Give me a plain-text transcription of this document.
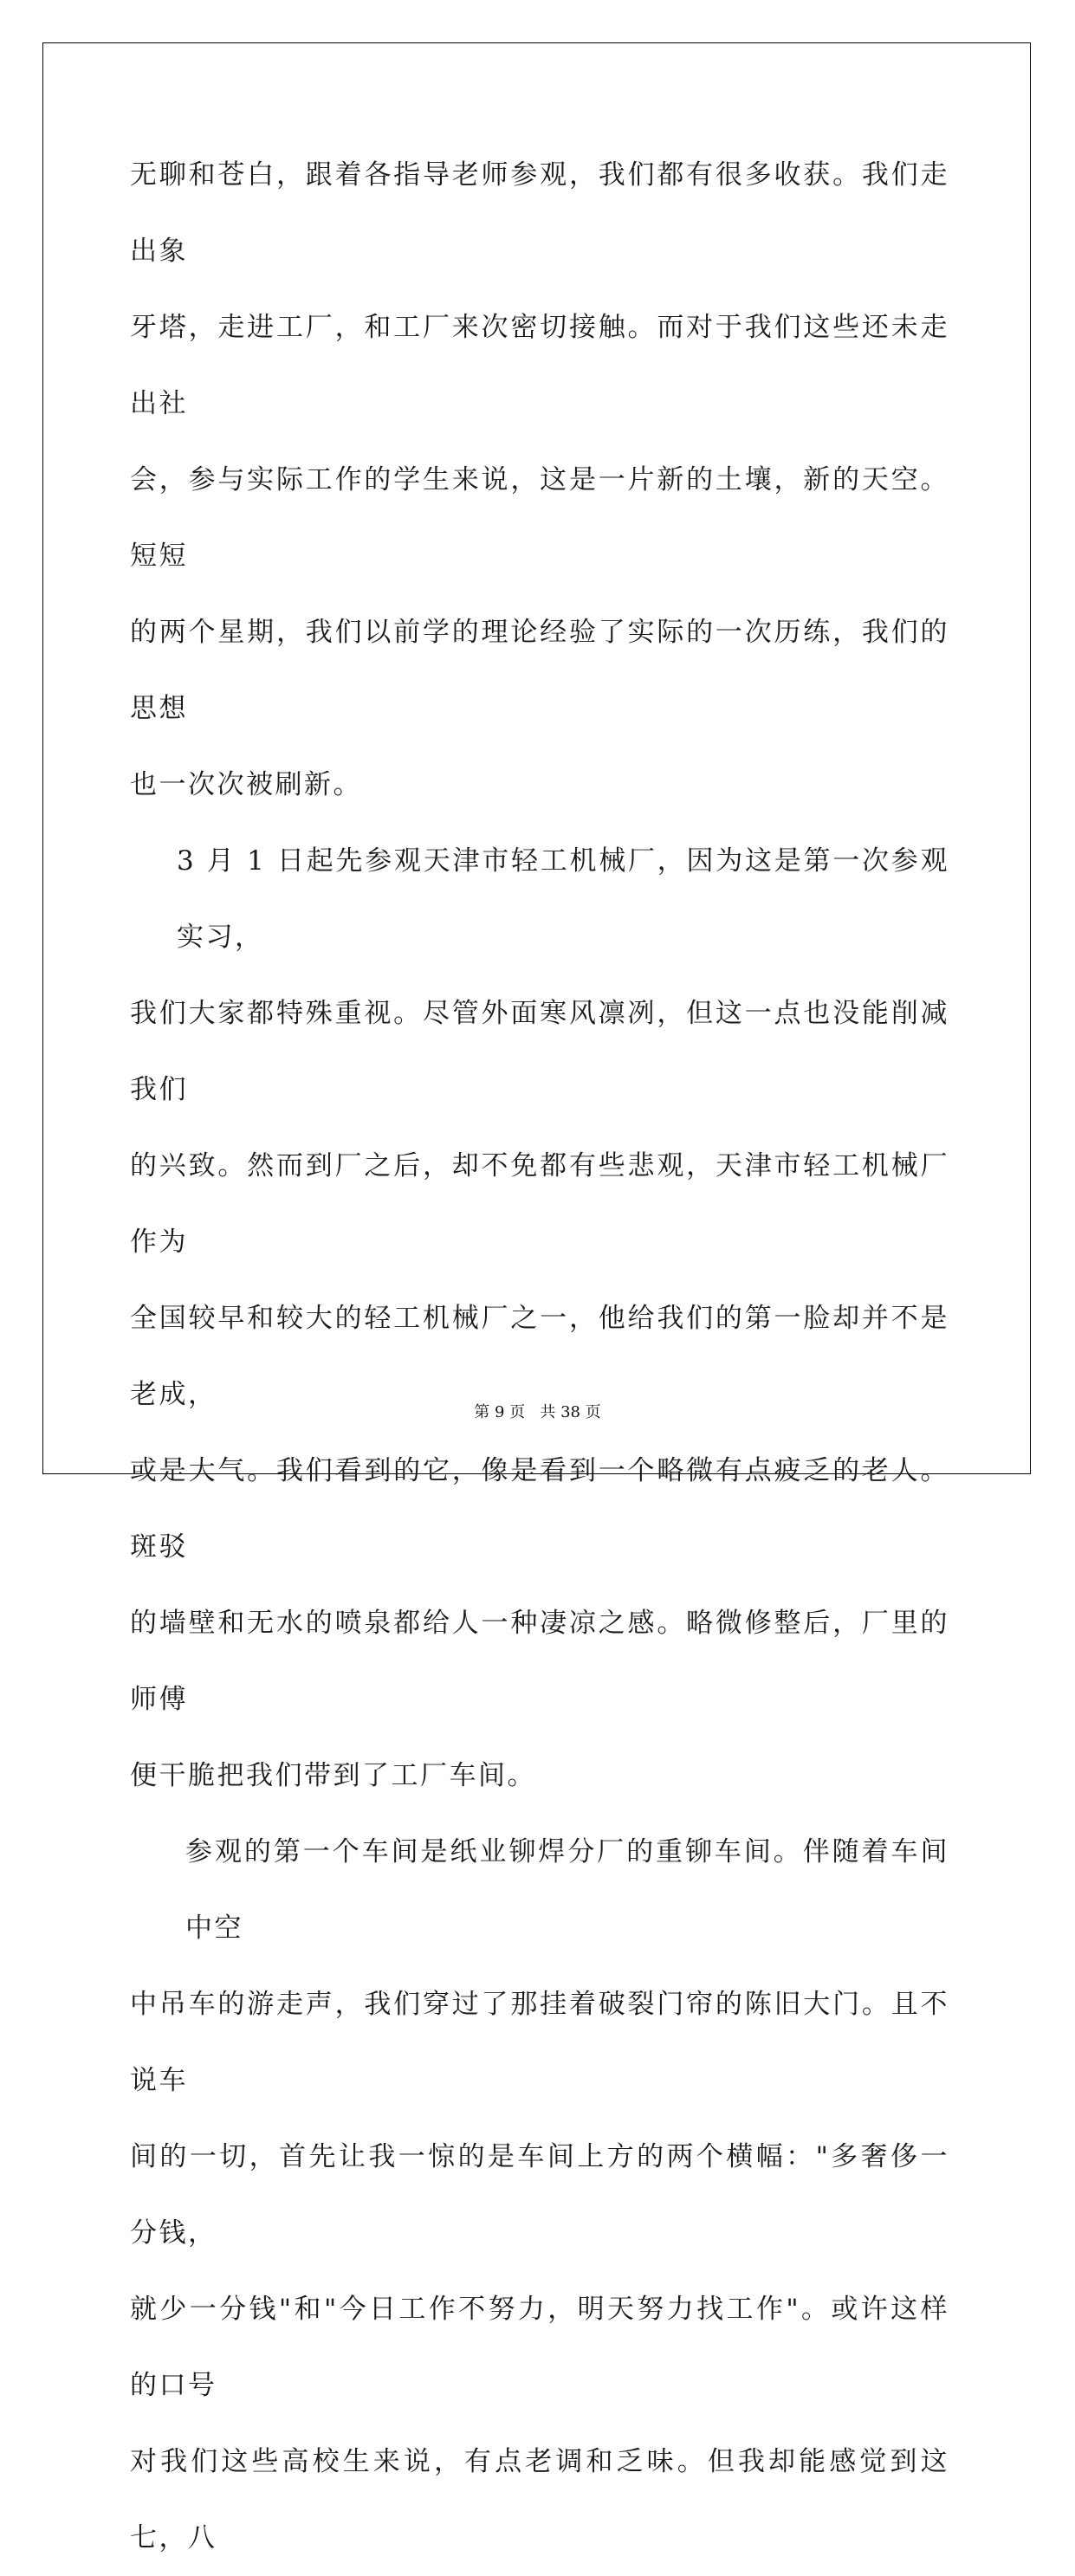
无聊和苍白，跟着各指导老师参观，我们都有很多收获。我们走出象
牙塔，走进工厂，和工厂来次密切接触。而对于我们这些还未走出社
会，参与实际工作的学生来说，这是一片新的土壤，新的天空。短短
的两个星期，我们以前学的理论经验了实际的一次历练，我们的思想
也一次次被刷新。
3 月 1 日起先参观天津市轻工机械厂，因为这是第一次参观实习，
我们大家都特殊重视。尽管外面寒风凛冽，但这一点也没能削减我们
的兴致。然而到厂之后，却不免都有些悲观，天津市轻工机械厂作为
全国较早和较大的轻工机械厂之一，他给我们的第一脸却并不是老成，
或是大气。我们看到的它，像是看到一个略微有点疲乏的老人。斑驳
的墙壁和无水的喷泉都给人一种凄凉之感。略微修整后，厂里的师傅
便干脆把我们带到了工厂车间。
参观的第一个车间是纸业铆焊分厂的重铆车间。伴随着车间中空
中吊车的游走声，我们穿过了那挂着破裂门帘的陈旧大门。且不说车
间的一切，首先让我一惊的是车间上方的两个横幅："多奢侈一分钱，
就少一分钱"和"今日工作不努力，明天努力找工作"。或许这样的口号
对我们这些高校生来说，有点老调和乏味。但我却能感觉到这七，八
第 9 页 共 38 页
